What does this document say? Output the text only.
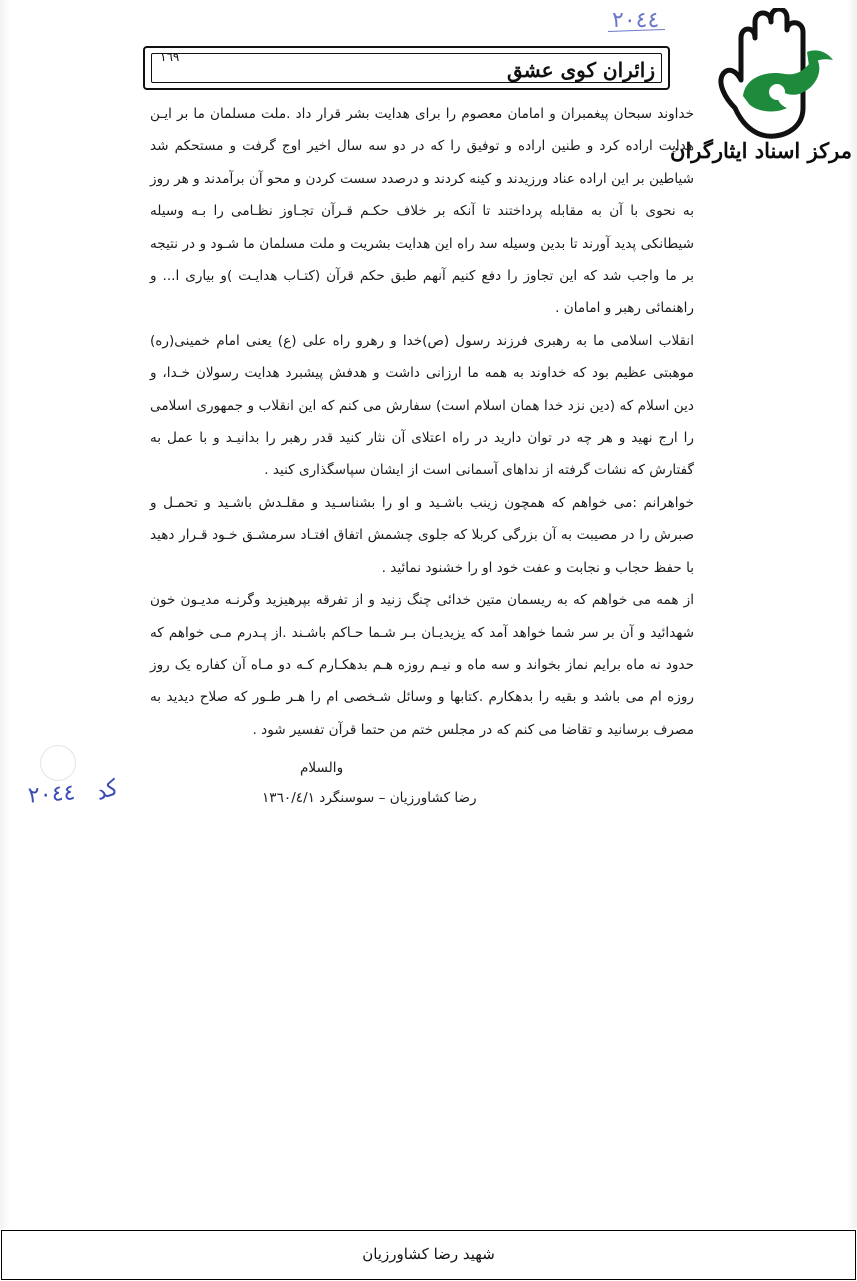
٢٠٤٤
١٦٩
زائران کوی عشق
مرکز اسناد ایثارگران

خداوند سبحان پیغمبران و امامان معصوم را برای هدایت بشر قرار داد .ملت مسلمان ما بر ایـن هدایت اراده کرد و طنین اراده و توفیق را که در دو سه سال اخیر اوج گرفت و مستحکم شد شیاطین بر این اراده عناد ورزیدند و کینه کردند و درصدد سست کردن و محو آن برآمدند و هر روز به نحوی با آن به مقابله پرداختند تا آنکه بر خلاف حکـم قـرآن تجـاوز نظـامی را بـه وسیله شیطانکی پدید آورند تا بدین وسیله سد راه این هدایت بشریت و ملت مسلمان ما شـود و در نتیجه بر ما واجب شد که این تجاوز را دفع کنیم آنهم طبق حکم قرآن (کتـاب هدایـت )و بیاری ا... و راهنمائی رهبر و امامان .

انقلاب اسلامی ما به رهبری فرزند رسول (ص)خدا و رهرو راه علی (ع) یعنی امام خمینی(ره) موهبتی عظیم بود که خداوند به همه ما ارزانی داشت و هدفش پیشبرد هدایت رسولان خـدا، و دین اسلام که (دین نزد خدا همان اسلام است) سفارش می کنم که این انقلاب و جمهوری اسلامی را ارج نهید و هر چه در توان دارید در راه اعتلای آن نثار کنید قدر رهبر را بدانیـد و با عمل به گفتارش که نشات گرفته از نداهای آسمانی است از ایشان سپاسگذاری کنید .

خواهرانم :می خواهم که همچون زینب باشـید و او را بشناسـید و مقلـدش باشـید و تحمـل و صبرش را در مصیبت به آن بزرگی کربلا که جلوی چشمش اتفاق افتـاد سرمشـق خـود قـرار دهید با حفظ حجاب و نجابت و عفت خود او را خشنود نمائید .

از همه می خواهم که به ریسمان متین خدائی چنگ زنید و از تفرقه بپرهیزید وگرنـه مدیـون خون شهدائید و آن بر سر شما خواهد آمد که یزیدیـان بـر شـما حـاکم باشـند .از پـدرم مـی خواهم که حدود نه ماه برایم نماز بخواند و سه ماه و نیـم روزه هـم بدهکـارم کـه دو مـاه آن کفاره یک روز روزه ام می باشد و بقیه را بدهکارم .کتابها و وسائل شـخصی ام را هـر طـور که صلاح دیدید به مصرف برسانید و تقاضا می کنم که در مجلس ختم من حتما قرآن تفسیر شود .

والسلام
رضا کشاورزیان – سوسنگرد ١٣٦٠/٤/١
٢٠٤٤ کد
شهید رضا کشاورزیان
